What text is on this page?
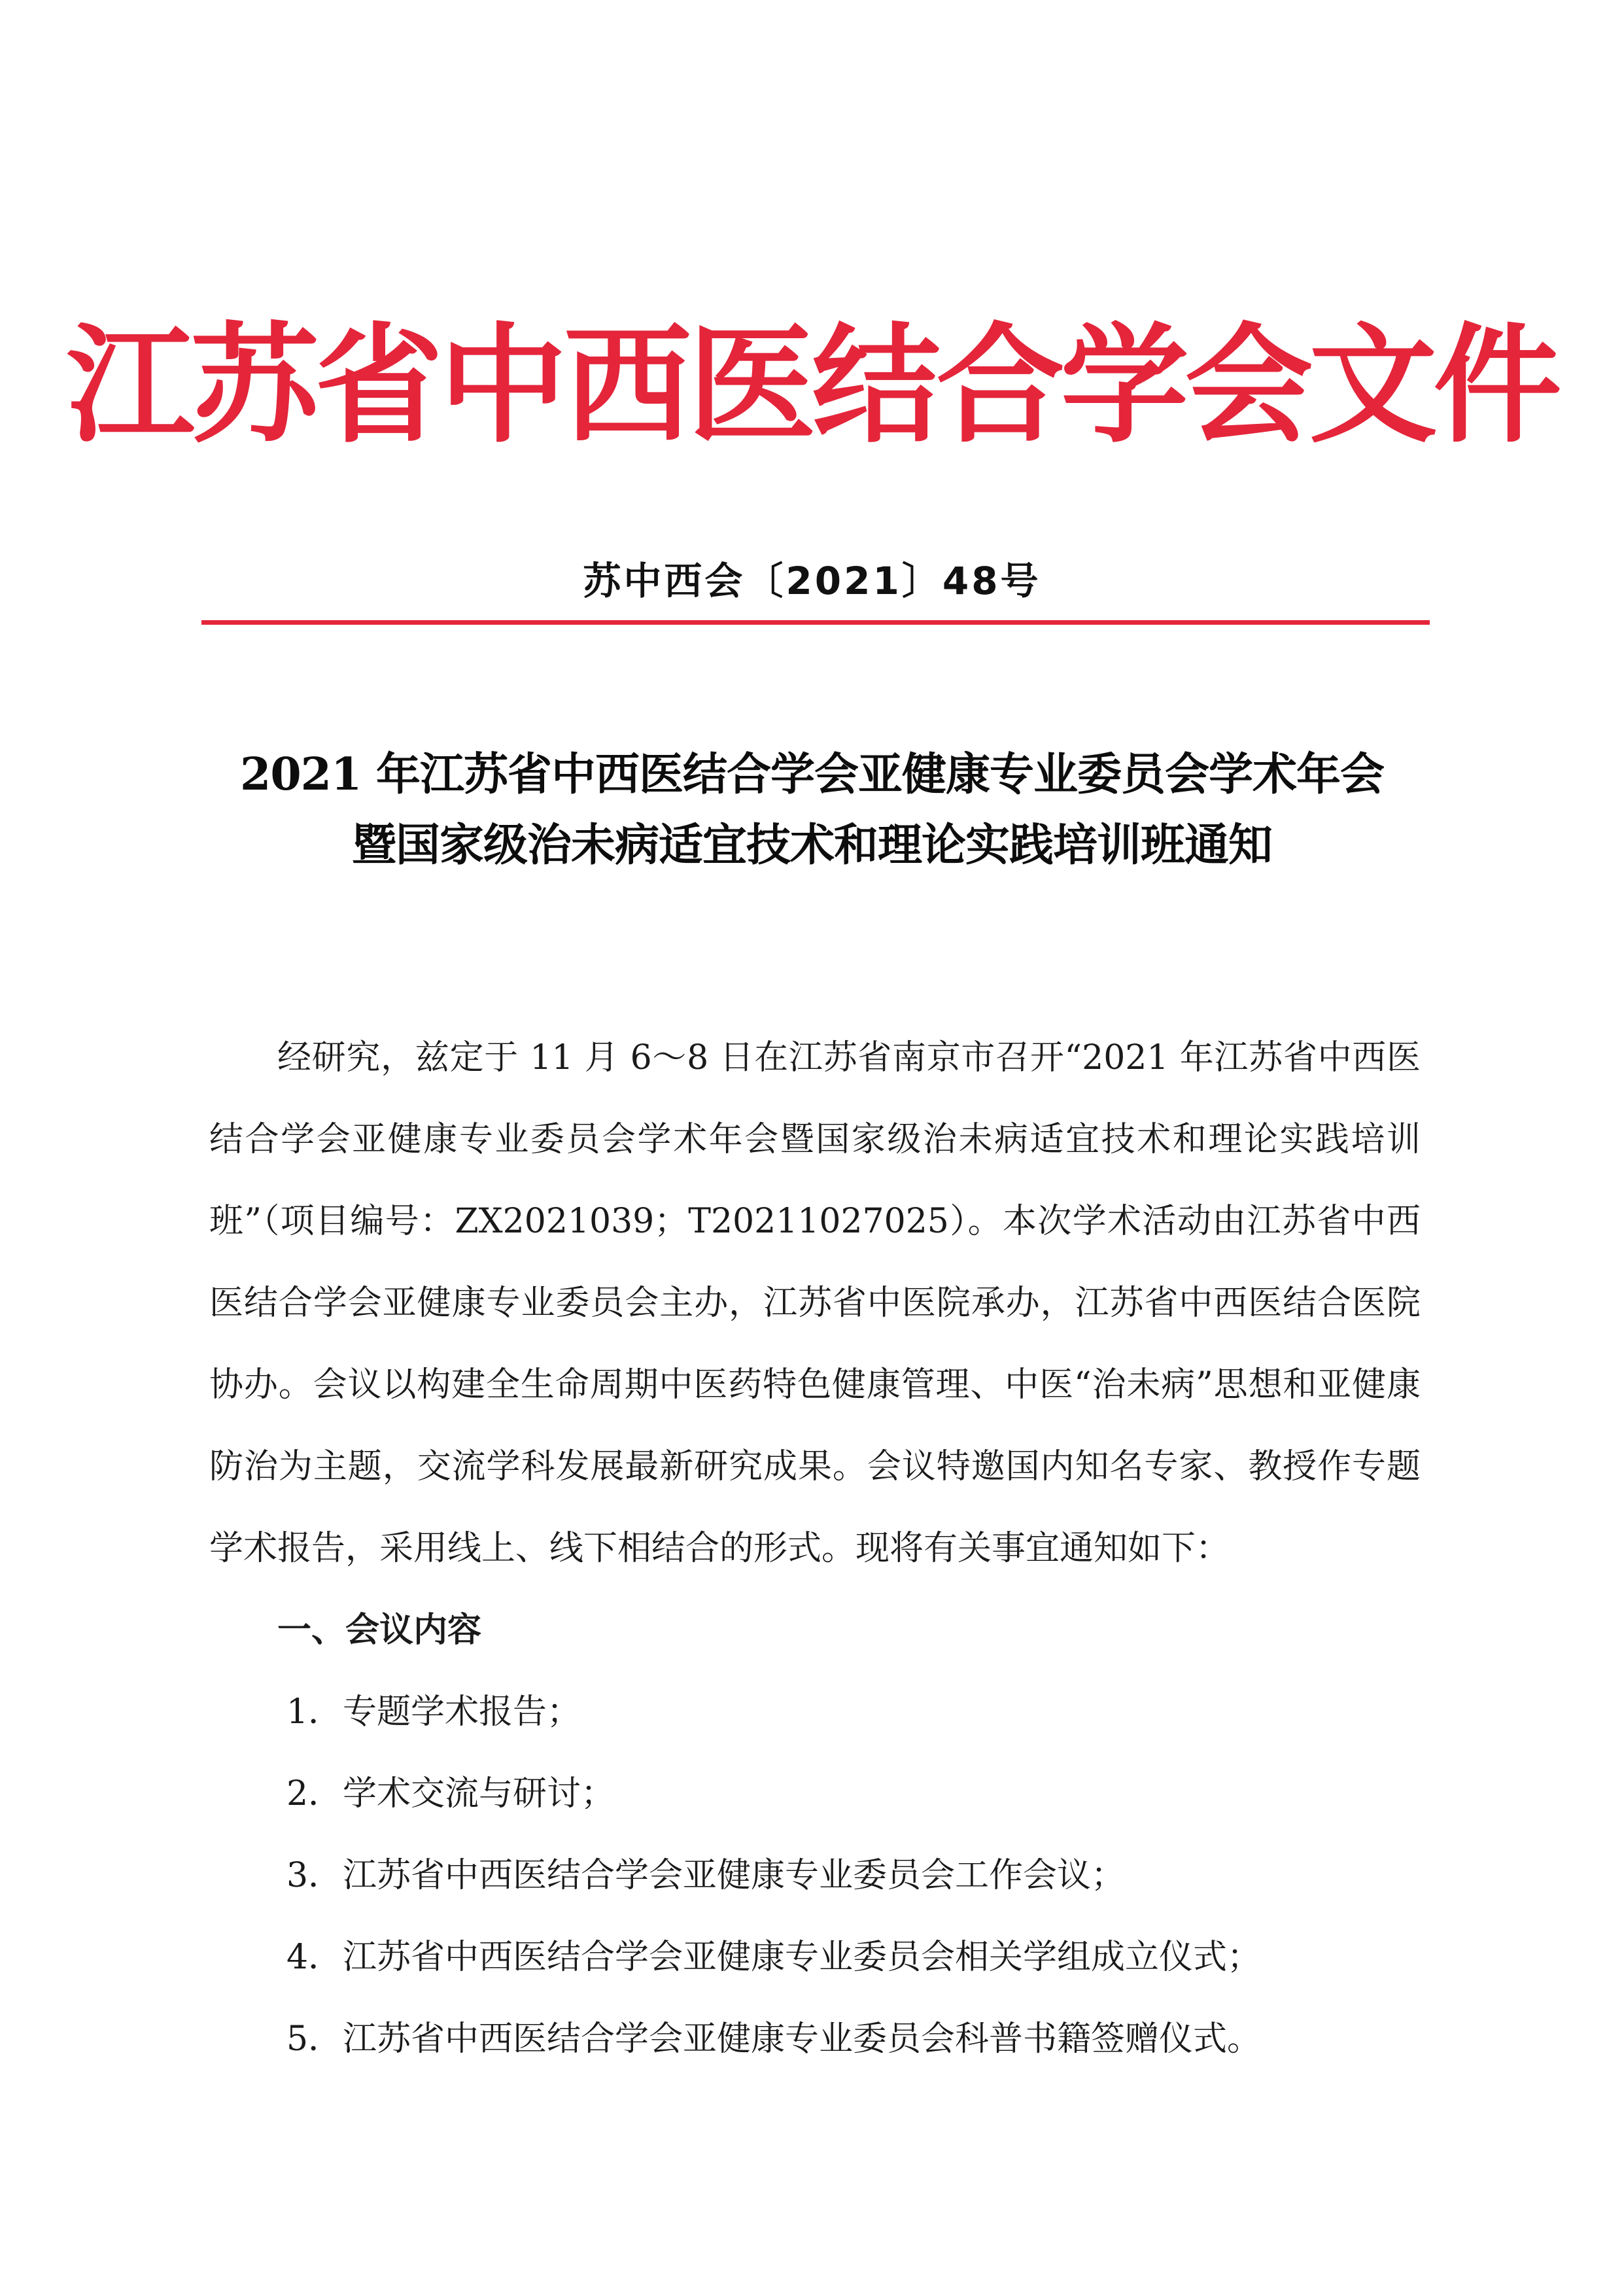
江苏省中西医结合学会文件
苏中西会〔2021〕48号
2021 年江苏省中西医结合学会亚健康专业委员会学术年会
暨国家级治未病适宜技术和理论实践培训班通知

经研究，兹定于 11 月 6～8 日在江苏省南京市召开“2021 年江苏省中西医结合学会亚健康专业委员会学术年会暨国家级治未病适宜技术和理论实践培训班”（项目编号：ZX2021039；T20211027025）。本次学术活动由江苏省中西医结合学会亚健康专业委员会主办，江苏省中医院承办，江苏省中西医结合医院协办。会议以构建全生命周期中医药特色健康管理、中医“治未病”思想和亚健康防治为主题，交流学科发展最新研究成果。会议特邀国内知名专家、教授作专题学术报告，采用线上、线下相结合的形式。现将有关事宜通知如下：

一、会议内容
1．专题学术报告；
2．学术交流与研讨；
3．江苏省中西医结合学会亚健康专业委员会工作会议；
4．江苏省中西医结合学会亚健康专业委员会相关学组成立仪式；
5．江苏省中西医结合学会亚健康专业委员会科普书籍签赠仪式。
